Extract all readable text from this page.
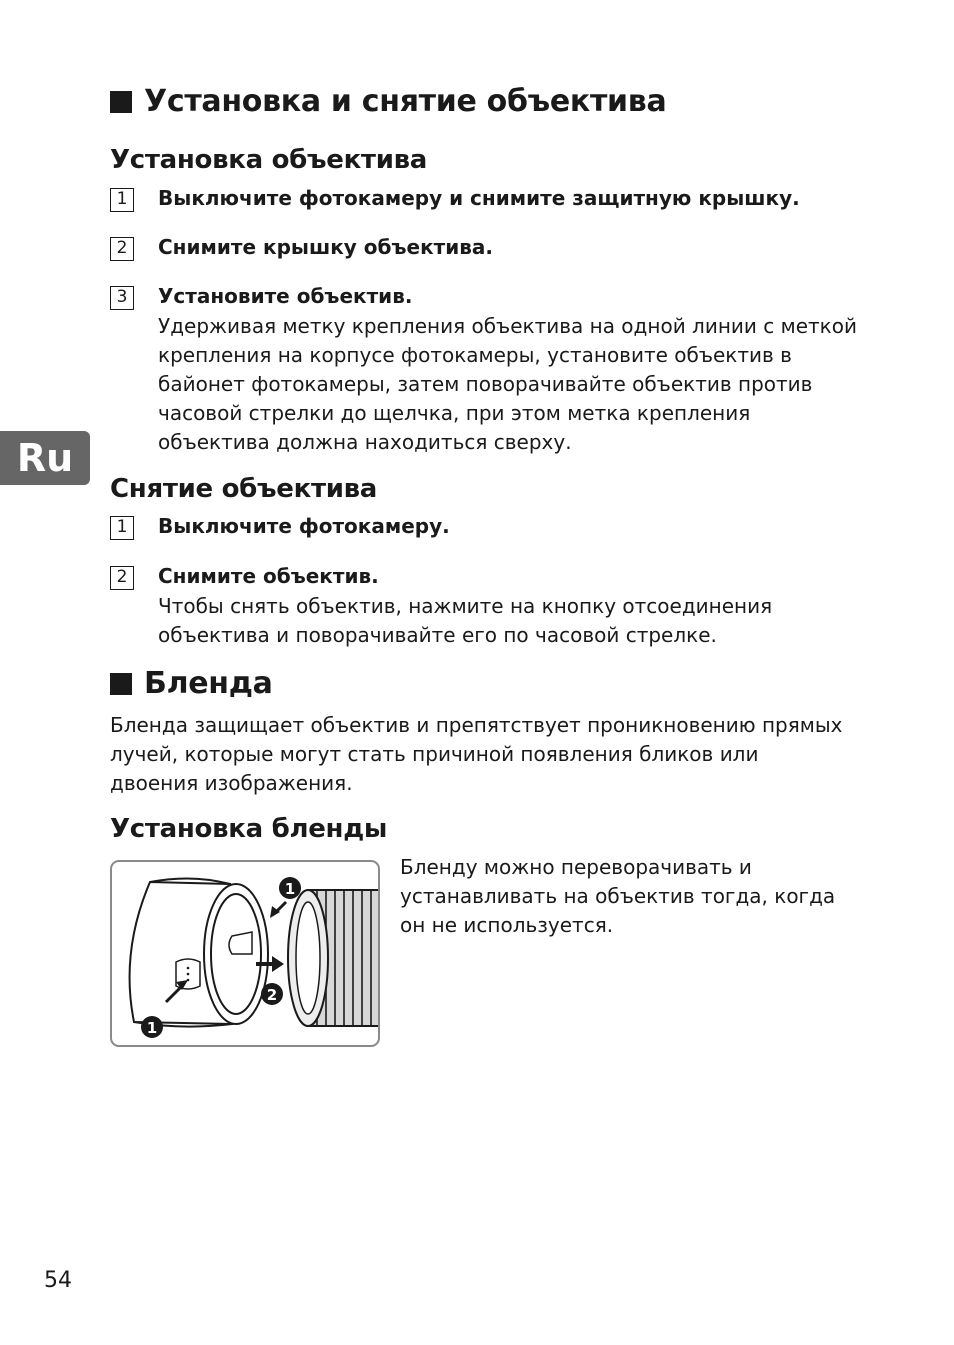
Установка и снятие объектива
Установка объектива
1	Выключите фотокамеру и снимите защитную крышку.
2	Снимите крышку объектива.
3	Установите объектив.
Удерживая метку крепления объектива на одной линии с меткой крепления на корпусе фотокамеры, установите объектив в байонет фотокамеры, затем поворачивайте объектив против часовой стрелки до щелчка, при этом метка крепления объектива должна находиться сверху.
Ru
Снятие объектива
1	Выключите фотокамеру.
2	Снимите объектив.
Чтобы снять объектив, нажмите на кнопку отсоединения объектива и поворачивайте его по часовой стрелке.
Бленда
Бленда защищает объектив и препятствует проникновению прямых лучей, которые могут стать причиной появления бликов или двоения изображения.
Установка бленды
1
2
1
Бленду можно переворачивать и устанавливать на объектив тогда, когда он не используется.
54
